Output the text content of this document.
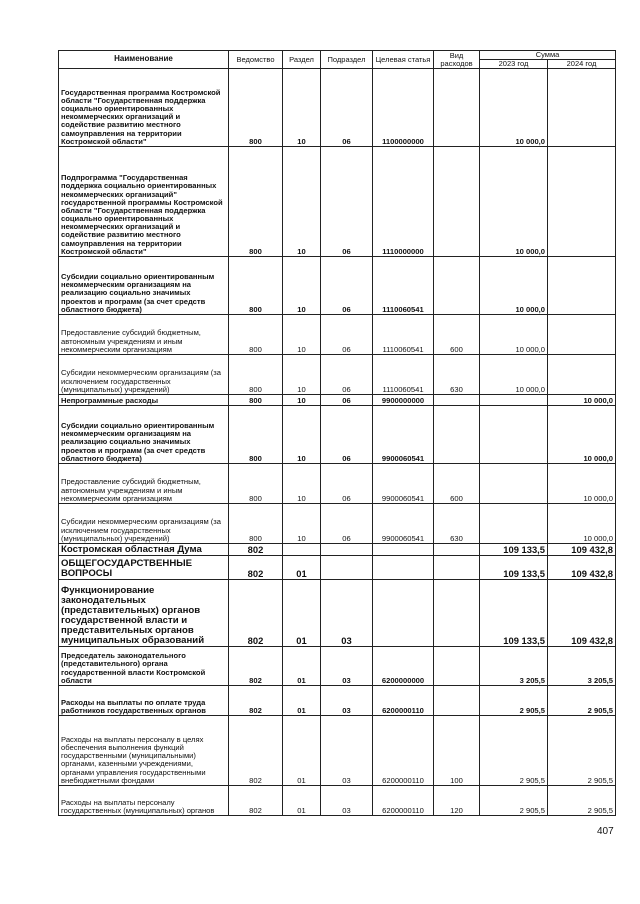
Наименование	Ведомство	Раздел	Подраздел	Целевая статья	Вид расходов	Сумма	
						2023 год	2024 год
Государственная программа Костромской области "Государственная поддержка социально ориентированных некоммерческих организаций и содействие развитию местного самоуправления на территории Костромской области"	800	10	06	1100000000		10 000,0	
Подпрограмма "Государственная поддержка социально ориентированных некоммерческих организаций" государственной программы Костромской области "Государственная поддержка социально ориентированных некоммерческих организаций и содействие развитию местного самоуправления на территории Костромской области"	800	10	06	1110000000		10 000,0	
Субсидии социально ориентированным некоммерческим организациям на реализацию социально значимых проектов и программ (за счет средств областного бюджета)	800	10	06	1110060541		10 000,0	
Предоставление субсидий бюджетным, автономным учреждениям и иным некоммерческим организациям	800	10	06	1110060541	600	10 000,0	
Субсидии некоммерческим организациям (за исключением государственных (муниципальных) учреждений)	800	10	06	1110060541	630	10 000,0	
Непрограммные расходы	800	10	06	9900000000			10 000,0
Субсидии социально ориентированным некоммерческим организациям на реализацию социально значимых проектов и программ (за счет средств областного бюджета)	800	10	06	9900060541			10 000,0
Предоставление субсидий бюджетным, автономным учреждениям и иным некоммерческим организациям	800	10	06	9900060541	600		10 000,0
Субсидии некоммерческим организациям (за исключением государственных (муниципальных) учреждений)	800	10	06	9900060541	630		10 000,0
Костромская областная Дума	802					109 133,5	109 432,8
ОБЩЕГОСУДАРСТВЕННЫЕ ВОПРОСЫ	802	01				109 133,5	109 432,8
Функционирование законодательных (представительных) органов государственной власти и представительных органов муниципальных образований	802	01	03			109 133,5	109 432,8
Председатель законодательного (представительного) органа государственной власти Костромской области	802	01	03	6200000000		3 205,5	3 205,5
Расходы на выплаты по оплате труда работников государственных органов	802	01	03	6200000110		2 905,5	2 905,5
Расходы на выплаты персоналу в целях обеспечения выполнения функций государственными (муниципальными) органами, казенными учреждениями, органами управления государственными внебюджетными фондами	802	01	03	6200000110	100	2 905,5	2 905,5
Расходы на выплаты персоналу государственных (муниципальных) органов	802	01	03	6200000110	120	2 905,5	2 905,5
407
